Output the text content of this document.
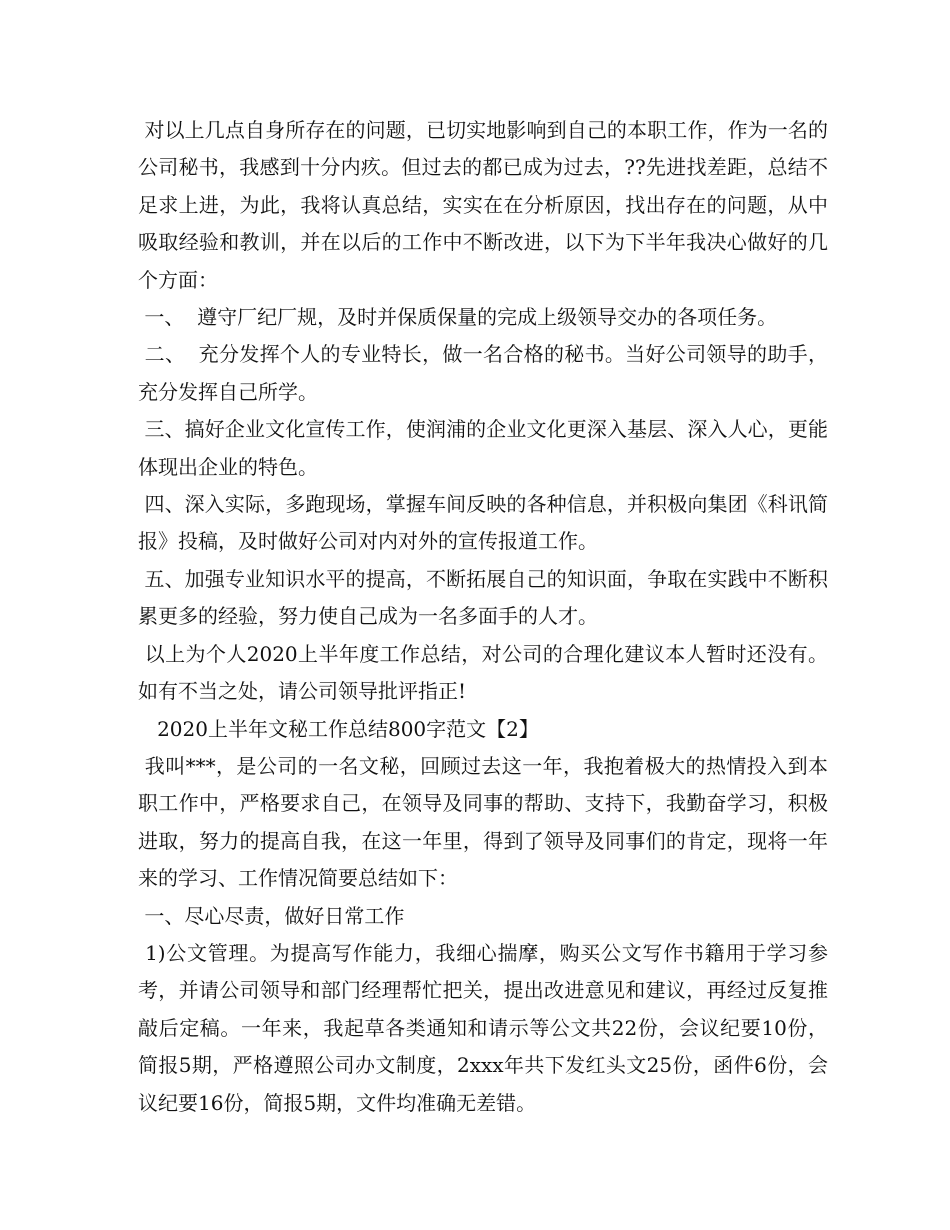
对以上几点自身所存在的问题，已切实地影响到自己的本职工作，作为一名的公司秘书，我感到十分内疚。但过去的都已成为过去，??先进找差距，总结不足求上进，为此，我将认真总结，实实在在分析原因，找出存在的问题，从中吸取经验和教训，并在以后的工作中不断改进，以下为下半年我决心做好的几个方面：

一、  遵守厂纪厂规，及时并保质保量的完成上级领导交办的各项任务。

二、  充分发挥个人的专业特长，做一名合格的秘书。当好公司领导的助手，充分发挥自己所学。

三、搞好企业文化宣传工作，使润浦的企业文化更深入基层、深入人心，更能体现出企业的特色。

四、深入实际，多跑现场，掌握车间反映的各种信息，并积极向集团《科讯简报》投稿，及时做好公司对内对外的宣传报道工作。

五、加强专业知识水平的提高，不断拓展自己的知识面，争取在实践中不断积累更多的经验，努力使自己成为一名多面手的人才。

以上为个人2020上半年度工作总结，对公司的合理化建议本人暂时还没有。如有不当之处，请公司领导批评指正!

2020上半年文秘工作总结800字范文【2】

我叫***，是公司的一名文秘，回顾过去这一年，我抱着极大的热情投入到本职工作中，严格要求自己，在领导及同事的帮助、支持下，我勤奋学习，积极进取，努力的提高自我，在这一年里，得到了领导及同事们的肯定，现将一年来的学习、工作情况简要总结如下：

一、尽心尽责，做好日常工作

1)公文管理。为提高写作能力，我细心揣摩，购买公文写作书籍用于学习参考，并请公司领导和部门经理帮忙把关，提出改进意见和建议，再经过反复推敲后定稿。一年来，我起草各类通知和请示等公文共22份，会议纪要10份，简报5期，严格遵照公司办文制度，2xxx年共下发红头文25份，函件6份，会议纪要16份，简报5期，文件均准确无差错。
